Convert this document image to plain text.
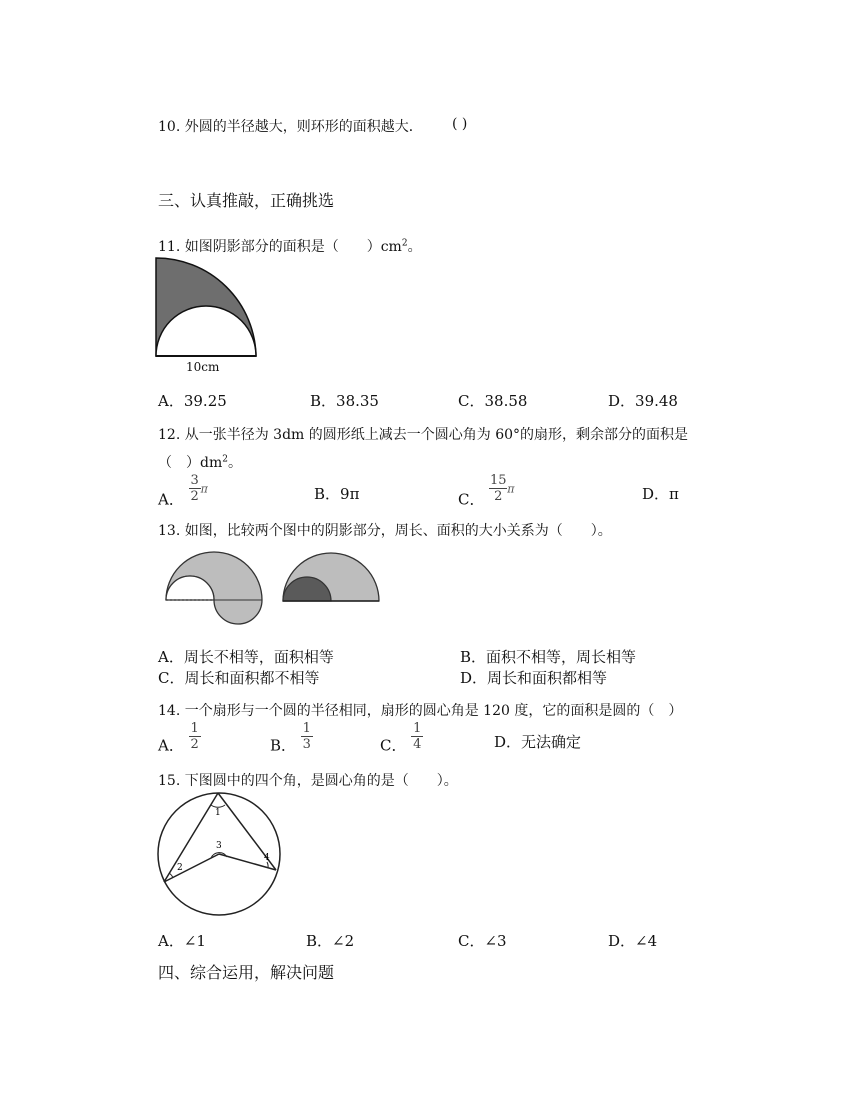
10. 外圆的半径越大，则环形的面积越大． ( )
三、认真推敲，正确挑选
11. 如图阴影部分的面积是（　　）$cm^2$。
10cm
A．39.25	B．38.35	C．38.58	D．39.48
12. 从一张半径为 3dm 的圆形纸上减去一个圆心角为 60°的扇形，剩余部分的面积是
（　）$dm^2$。
A． $\frac{3}{2}$ π	B．9π	C． $\frac{15}{2}$ π	D．π
13. 如图，比较两个图中的阴影部分，周长、面积的大小关系为（　　）。
A．周长不相等，面积相等	B．面积不相等，周长相等
C．周长和面积都不相等	D．周长和面积都相等
14. 一个扇形与一个圆的半径相同，扇形的圆心角是 120 度，它的面积是圆的（　）
A． $\frac{1}{2}$	B． $\frac{1}{3}$	C． $\frac{1}{4}$	D．无法确定
15. 下图圆中的四个角，是圆心角的是（　　）。
1
2
3
4
A．∠1	B．∠2	C．∠3	D．∠4
四、综合运用，解决问题
